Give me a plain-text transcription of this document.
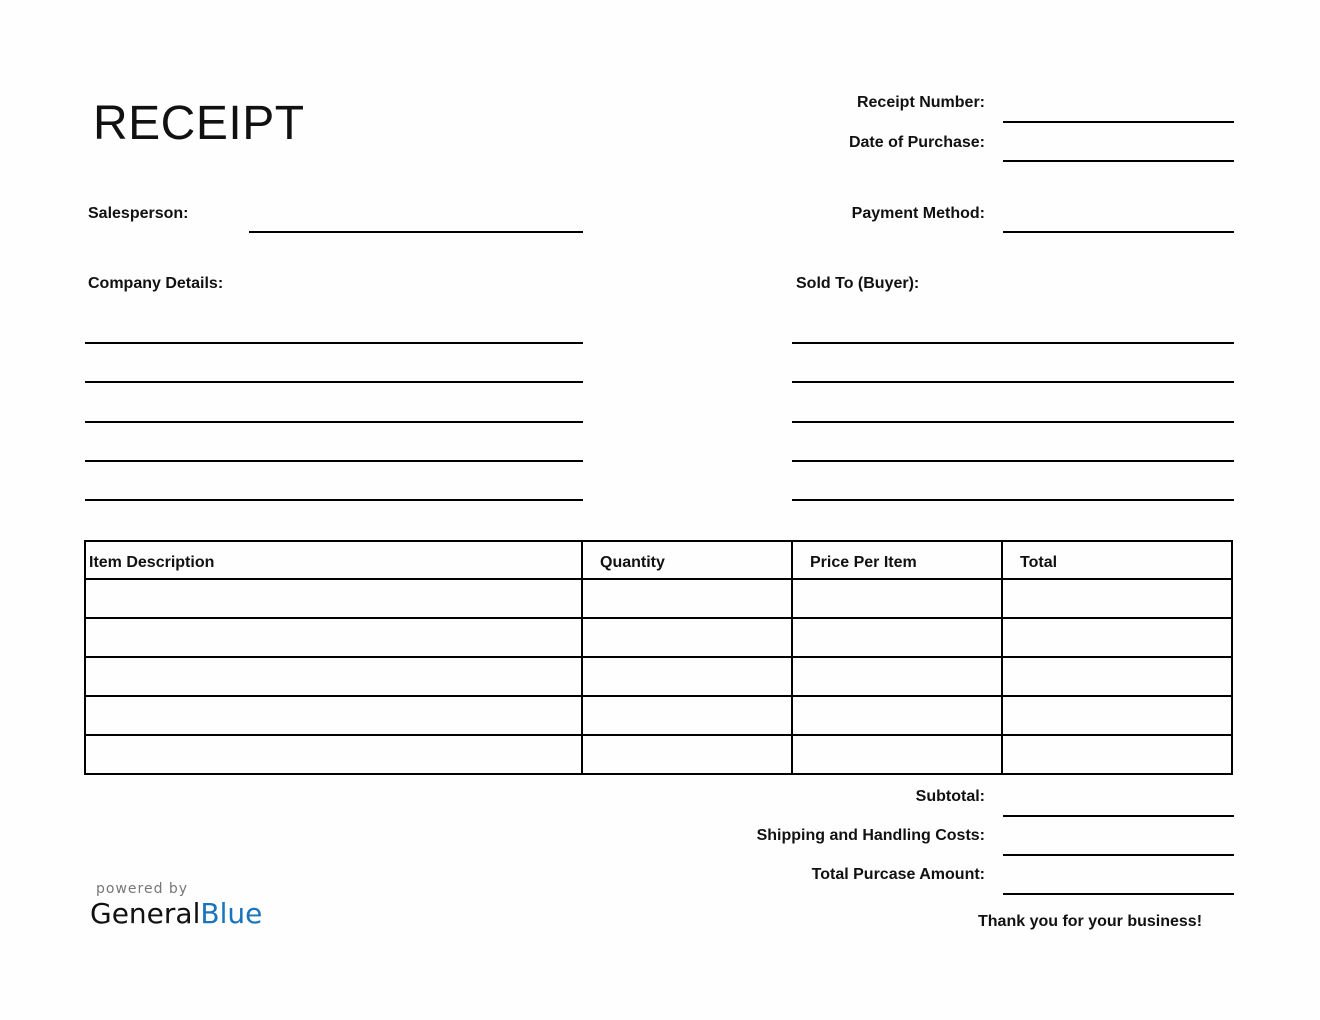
RECEIPT	Receipt Number:
Date of Purchase:
Payment Method:
Salesperson:
Company Details:	Sold To (Buyer):
Item Description	Quantity	Price Per Item	Total

Subtotal:
Shipping and Handling Costs:
Total Purcase Amount:
Thank you for your business!
powered by
GeneralBlue
